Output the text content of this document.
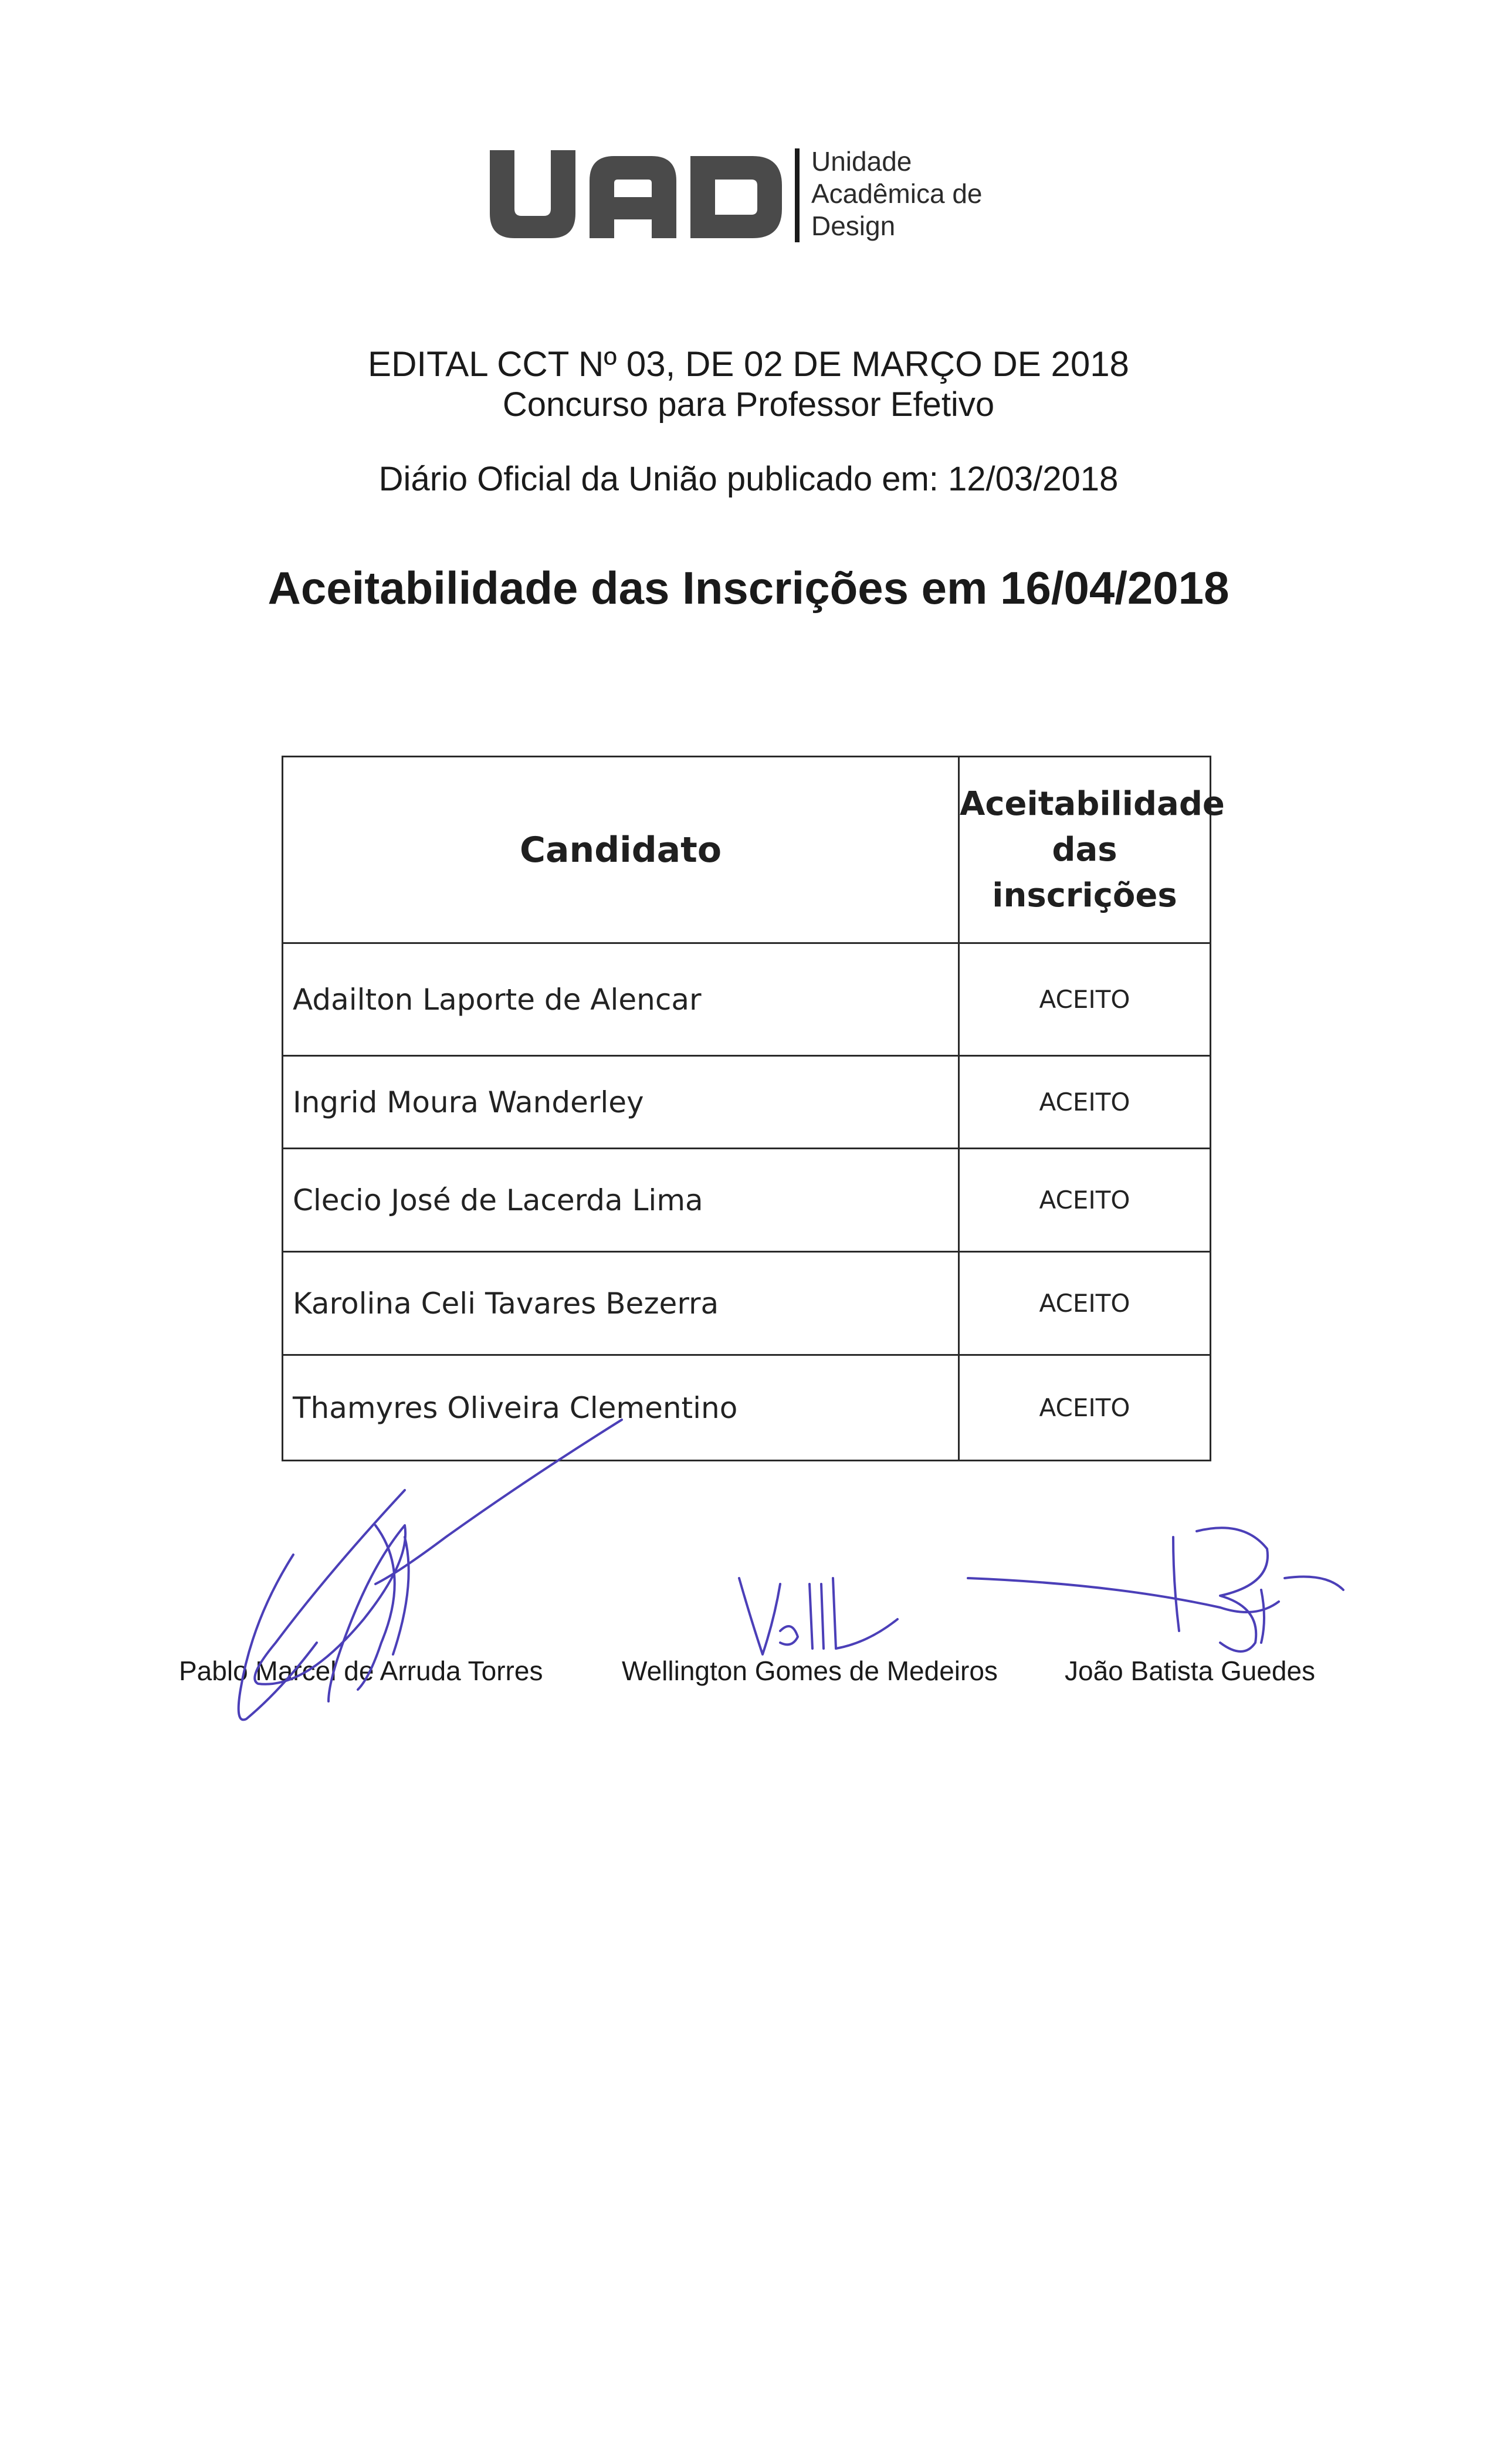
Unidade
Acadêmica de
Design
EDITAL CCT Nº 03, DE 02 DE MARÇO DE 2018
Concurso para Professor Efetivo
Diário Oficial da União publicado em: 12/03/2018
Aceitabilidade das Inscrições em 16/04/2018
Candidato	Aceitabilidade
das inscrições

Adailton Laporte de Alencar	ACEITO
Ingrid Moura Wanderley	ACEITO
Clecio José de Lacerda Lima	ACEITO
Karolina Celi Tavares Bezerra	ACEITO
Thamyres Oliveira Clementino	ACEITO
Pablo Marcel de Arruda Torres	Wellington Gomes de Medeiros João Batista Guedes
